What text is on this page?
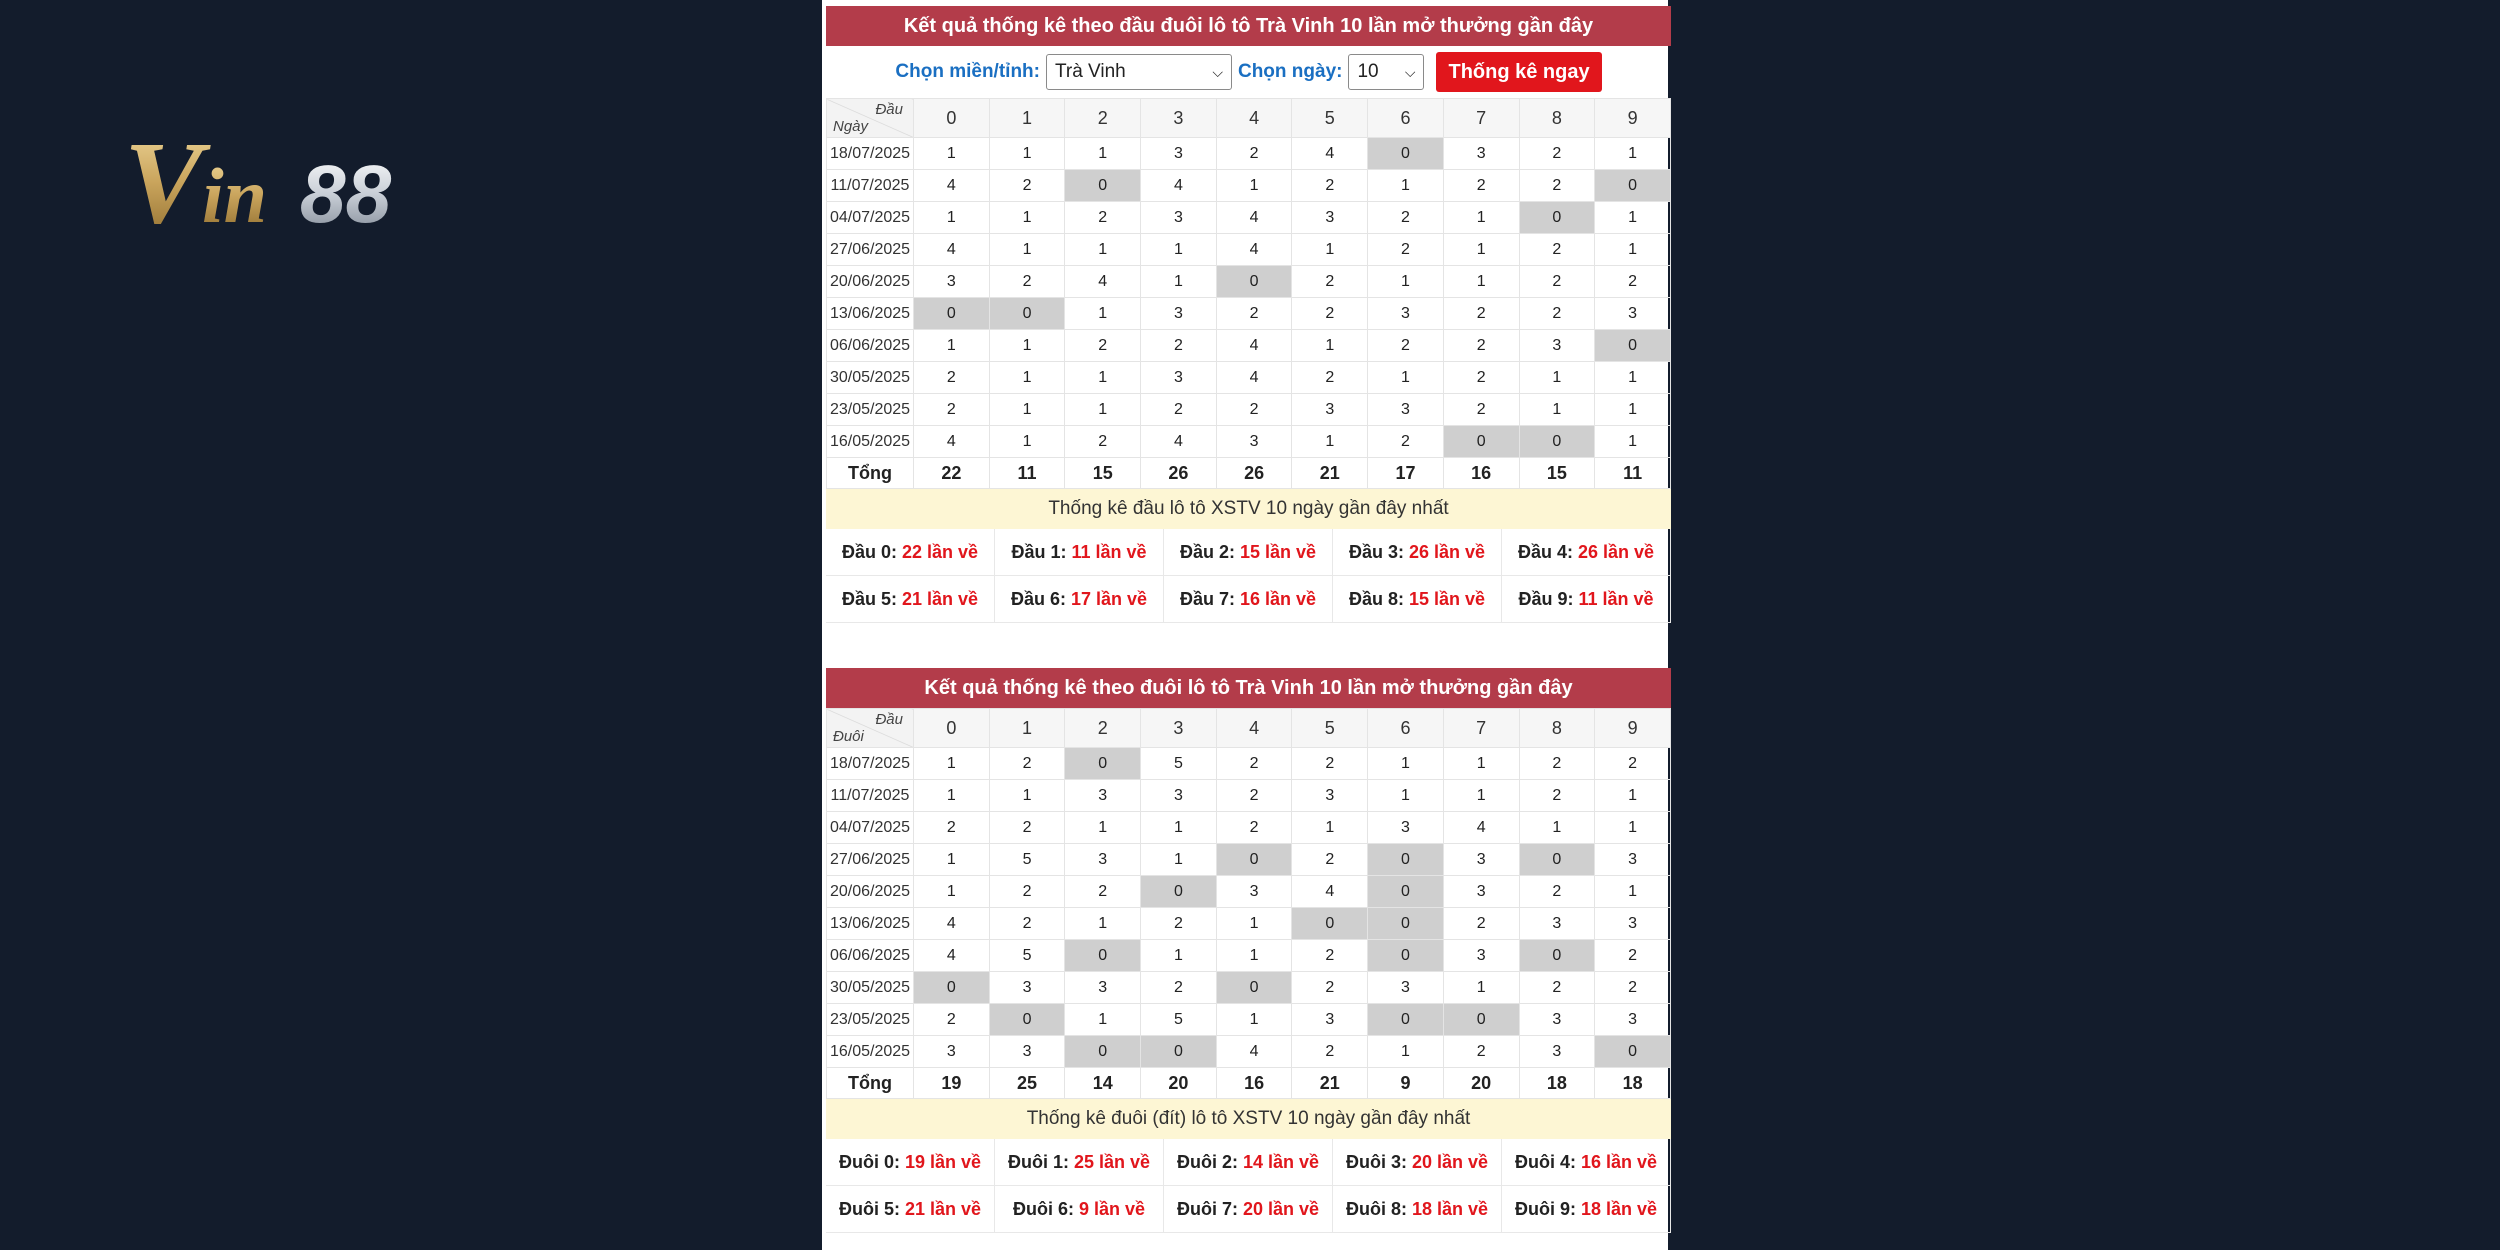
V in 88
Kết quả thống kê theo đầu đuôi lô tô Trà Vinh 10 lần mở thưởng gần đây
Chọn miền/tỉnh: Trà Vinh	⌵ Chọn ngày: 10 ⌵	Thống kê ngay
Đầu
Ngày	0	1	2	3	4	5	6	7	8	9
18/07/2025	1	1	1	3	2	4	0	3	2	1
11/07/2025	4	2	0	4	1	2	1	2	2	0
04/07/2025	1	1	2	3	4	3	2	1	0	1
27/06/2025	4	1	1	1	4	1	2	1	2	1
20/06/2025	3	2	4	1	0	2	1	1	2	2
13/06/2025	0	0	1	3	2	2	3	2	2	3
06/06/2025	1	1	2	2	4	1	2	2	3	0
30/05/2025	2	1	1	3	4	2	1	2	1	1
23/05/2025	2	1	1	2	2	3	3	2	1	1
16/05/2025	4	1	2	4	3	1	2	0	0	1
Tổng	22	11	15	26	26	21	17	16	15	11
Thống kê đầu lô tô XSTV 10 ngày gần đây nhất
Đầu 0: 22 lần về Đầu 1: 11 lần về Đầu 2: 15 lần về Đầu 3: 26 lần về Đầu 4: 26 lần về
Đầu 5: 21 lần về Đầu 6: 17 lần về Đầu 7: 16 lần về Đầu 8: 15 lần về Đầu 9: 11 lần về
Kết quả thống kê theo đuôi lô tô Trà Vinh 10 lần mở thưởng gần đây
Đầu
Đuôi	0	1	2	3	4	5	6	7	8	9
18/07/2025	1	2	0	5	2	2	1	1	2	2
11/07/2025	1	1	3	3	2	3	1	1	2	1
04/07/2025	2	2	1	1	2	1	3	4	1	1
27/06/2025	1	5	3	1	0	2	0	3	0	3
20/06/2025	1	2	2	0	3	4	0	3	2	1
13/06/2025	4	2	1	2	1	0	0	2	3	3
06/06/2025	4	5	0	1	1	2	0	3	0	2
30/05/2025	0	3	3	2	0	2	3	1	2	2
23/05/2025	2	0	1	5	1	3	0	0	3	3
16/05/2025	3	3	0	0	4	2	1	2	3	0
Tổng	19	25	14	20	16	21	9	20	18	18
Thống kê đuôi (đít) lô tô XSTV 10 ngày gần đây nhất
Đuôi 0: 19 lần về Đuôi 1: 25 lần về Đuôi 2: 14 lần về Đuôi 3: 20 lần về Đuôi 4: 16 lần về
Đuôi 5: 21 lần về Đuôi 6: 9 lần về Đuôi 7: 20 lần về Đuôi 8: 18 lần về Đuôi 9: 18 lần về
